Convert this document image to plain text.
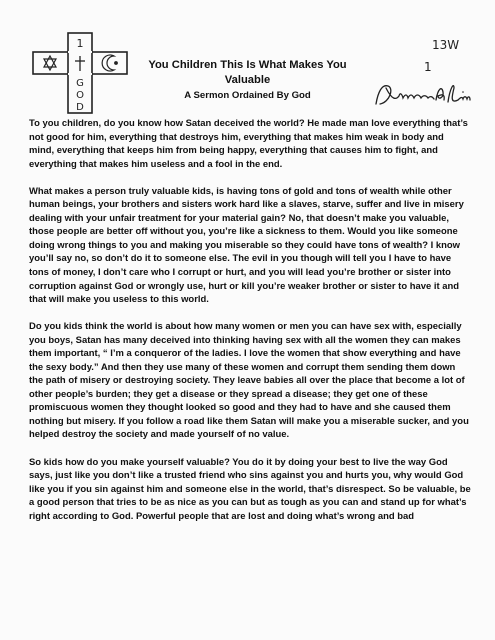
1
G
O
D
You Children This Is What Makes You
Valuable
A Sermon Ordained By God
13W
1

To you children, do you know how Satan deceived the world? He made man love everything that’s not good for him, everything that destroys him, everything that makes him weak in body and mind, everything that keeps him from being happy, everything that causes him to fight, and everything that makes him useless and a fool in the end.

What makes a person truly valuable kids, is having tons of gold and tons of wealth while other human beings, your brothers and sisters work hard like a slaves, starve, suffer and live in misery dealing with your unfair treatment for your material gain? No, that doesn’t make you valuable, those people are better off without you, you’re like a sickness to them. Would you like someone doing wrong things to you and making you miserable so they could have tons of wealth? I know you’ll say no, so don’t do it to someone else. The evil in you though will tell you I have to have tons of money, I don’t care who I corrupt or hurt, and you will lead you’re brother or sister into corruption against God or wrongly use, hurt or kill you’re weaker brother or sister to have it and that will make you useless to this world.

Do you kids think the world is about how many women or men you can have sex with, especially you boys, Satan has many deceived into thinking having sex with all the women they can makes them important, “ I’m a conqueror of the ladies. I love the women that show everything and have the sexy body.” And then they use many of these women and corrupt them sending them down the path of misery or destroying society. They leave babies all over the place that become a lot of other people’s burden; they get a disease or they spread a disease; they get one of these promiscuous women they thought looked so good and they had to have and she caused them nothing but misery. If you follow a road like them Satan will make you a miserable sucker, and you helped destroy the society and made yourself of no value.

So kids how do you make yourself valuable? You do it by doing your best to live the way God says, just like you don’t like a trusted friend who sins against you and hurts you, why would God like you if you sin against him and someone else in the world, that’s disrespect. So be valuable, be a good person that tries to be as nice as you can but as tough as you can and stand up for what’s right according to God. Powerful people that are lost and doing what’s wrong and bad
